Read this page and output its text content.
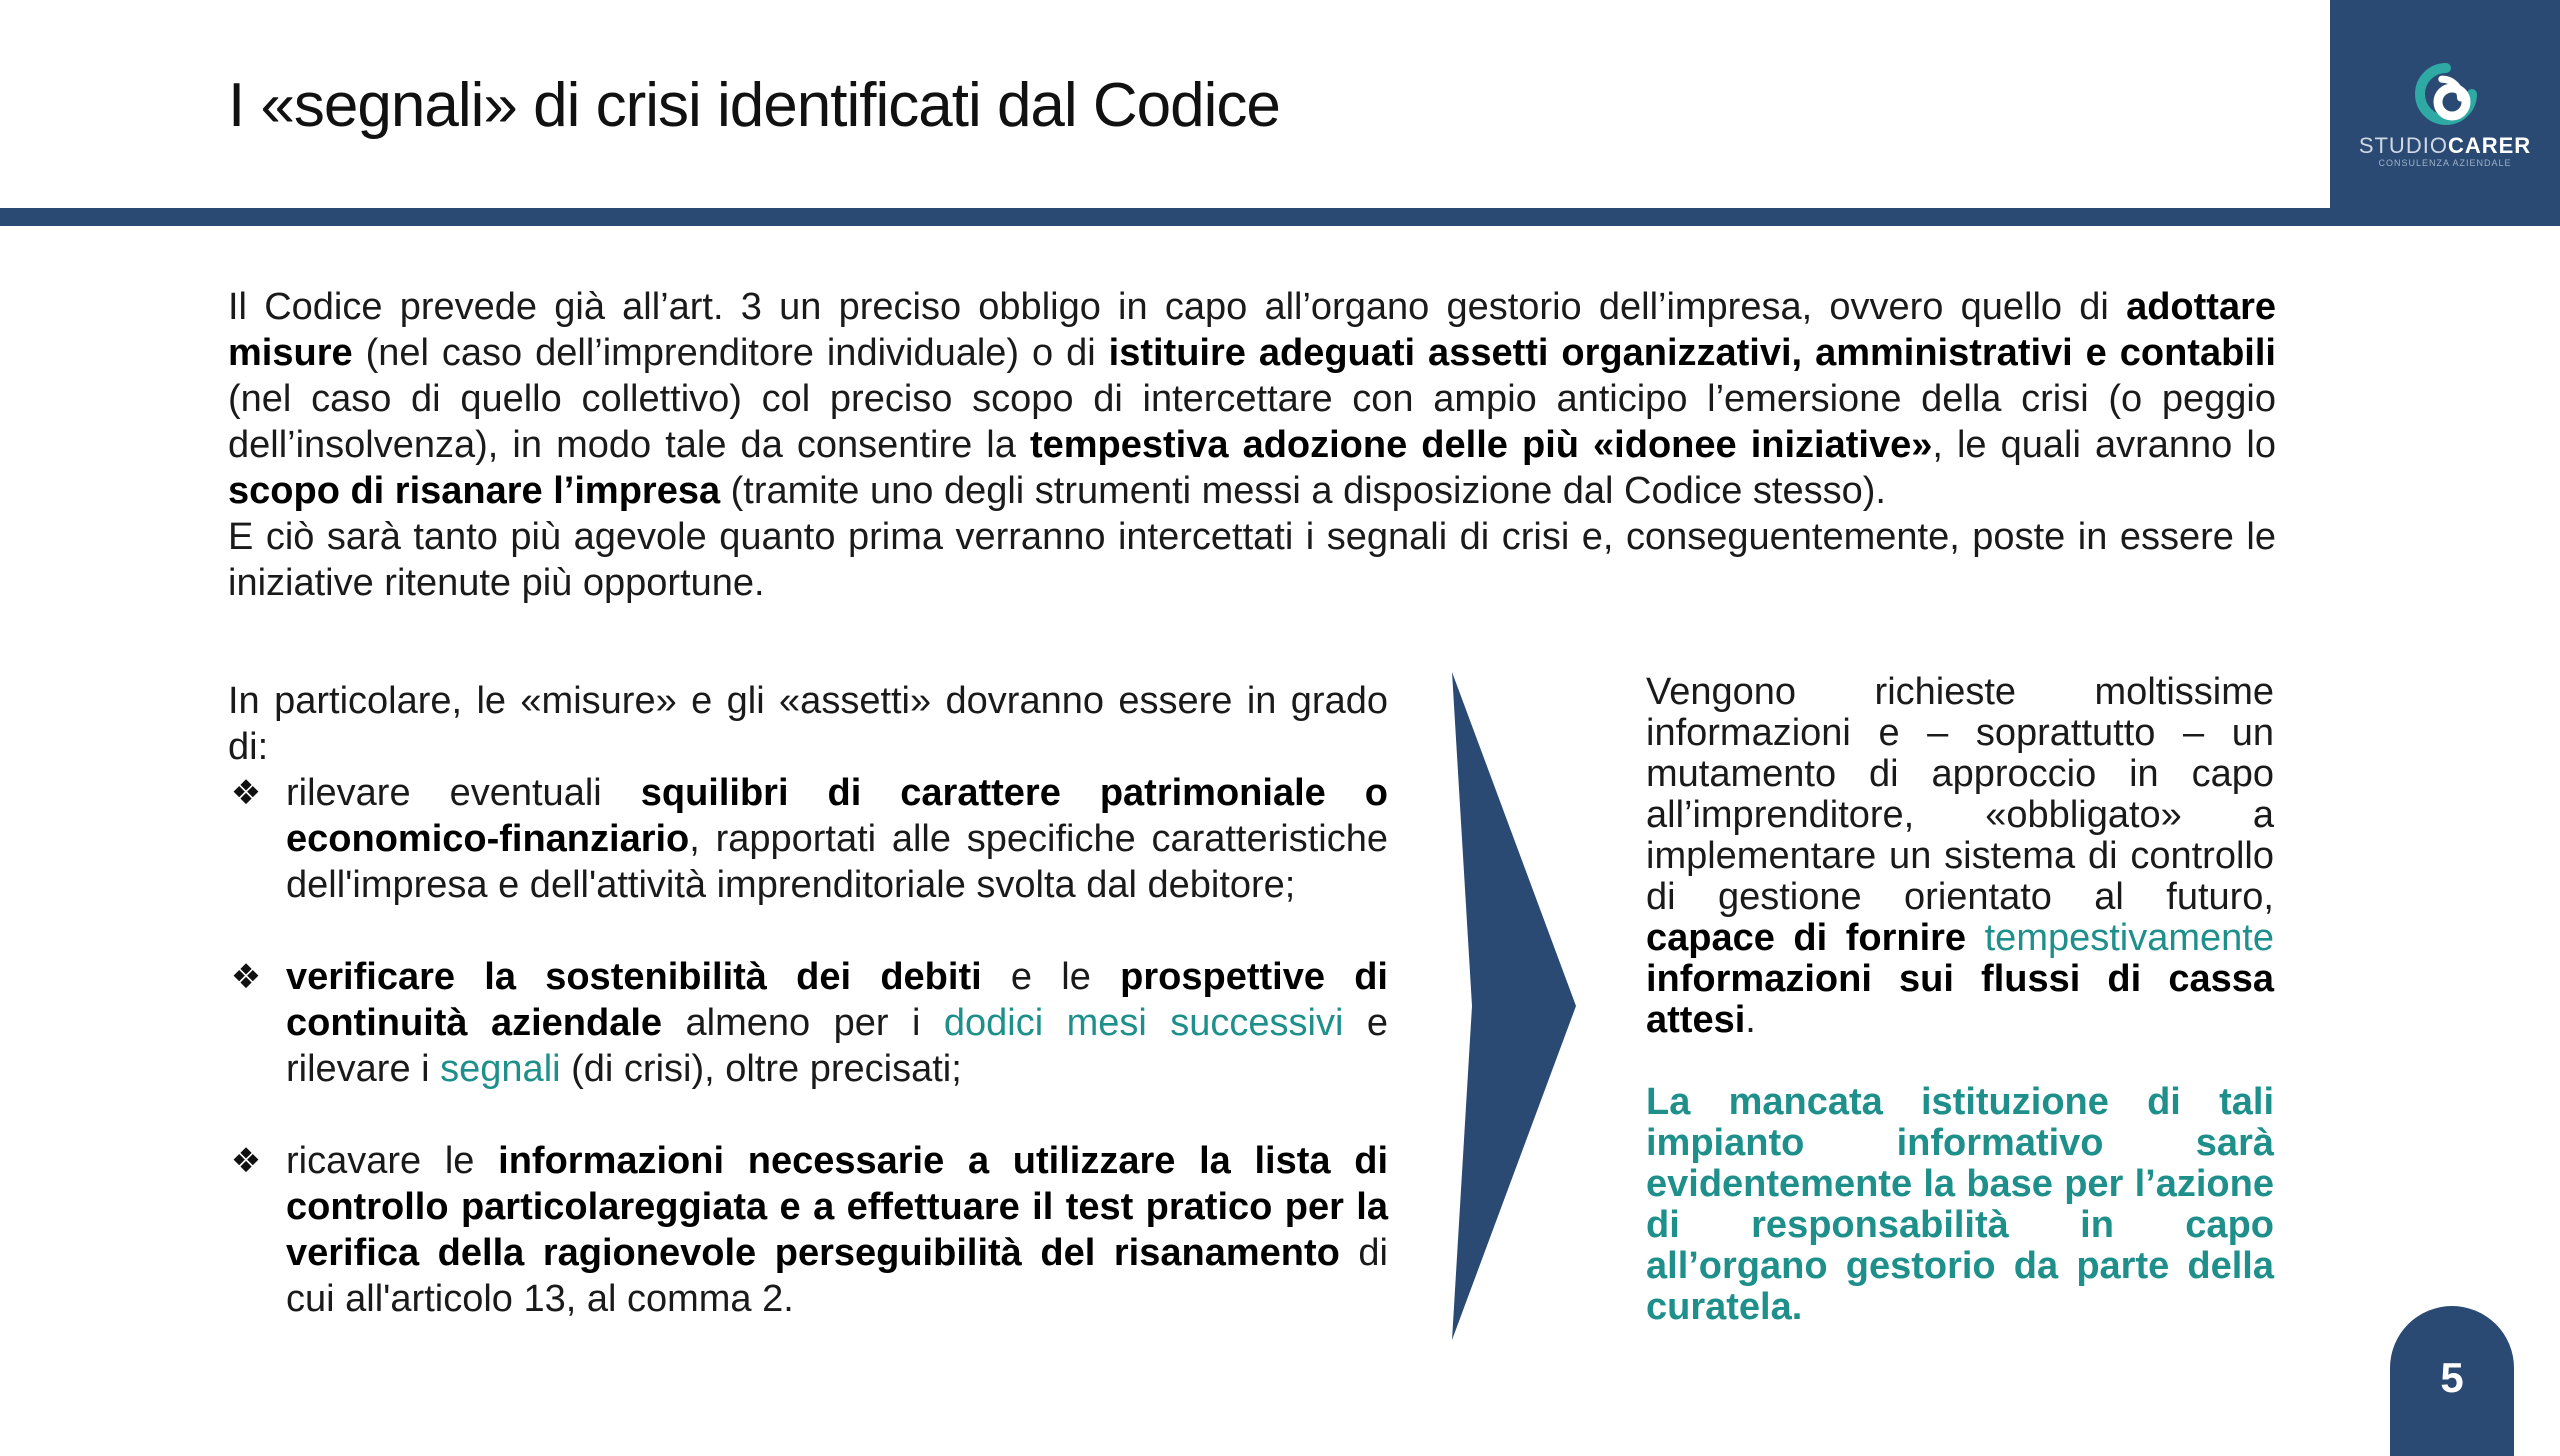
I «segnali» di crisi identificati dal Codice
STUDIOCARER
CONSULENZA AZIENDALE

Il Codice prevede già all’art. 3 un preciso obbligo in capo all’organo gestorio dell’impresa, ovvero quello di adottare misure (nel caso dell’imprenditore individuale) o di istituire adeguati assetti organizzativi, amministrativi e contabili (nel caso di quello collettivo) col preciso scopo di intercettare con ampio anticipo l’emersione della crisi (o peggio dell’insolvenza), in modo tale da consentire la tempestiva adozione delle più «idonee iniziative», le quali avranno lo scopo di risanare l’impresa (tramite uno degli strumenti messi a disposizione dal Codice stesso).

E ciò sarà tanto più agevole quanto prima verranno intercettati i segnali di crisi e, conseguentemente, poste in essere le iniziative ritenute più opportune.

In particolare, le «misure» e gli «assetti» dovranno essere in grado di:

❖ rilevare eventuali squilibri di carattere patrimoniale o economico-finanziario, rapportati alle specifiche caratteristiche dell'impresa e dell'attività imprenditoriale svolta dal debitore;
❖ verificare la sostenibilità dei debiti e le prospettive di continuità aziendale almeno per i dodici mesi successivi e rilevare i segnali (di crisi), oltre precisati;
❖ ricavare le informazioni necessarie a utilizzare la lista di controllo particolareggiata e a effettuare il test pratico per la verifica della ragionevole perseguibilità del risanamento di cui all'articolo 13, al comma 2.

Vengono richieste moltissime informazioni e – soprattutto – un mutamento di approccio in capo all’imprenditore, «obbligato» a implementare un sistema di controllo di gestione orientato al futuro, capace di fornire tempestivamente informazioni sui flussi di cassa attesi.

La mancata istituzione di tali impianto informativo sarà evidentemente la base per l’azione di responsabilità in capo all’organo gestorio da parte della curatela.

5
